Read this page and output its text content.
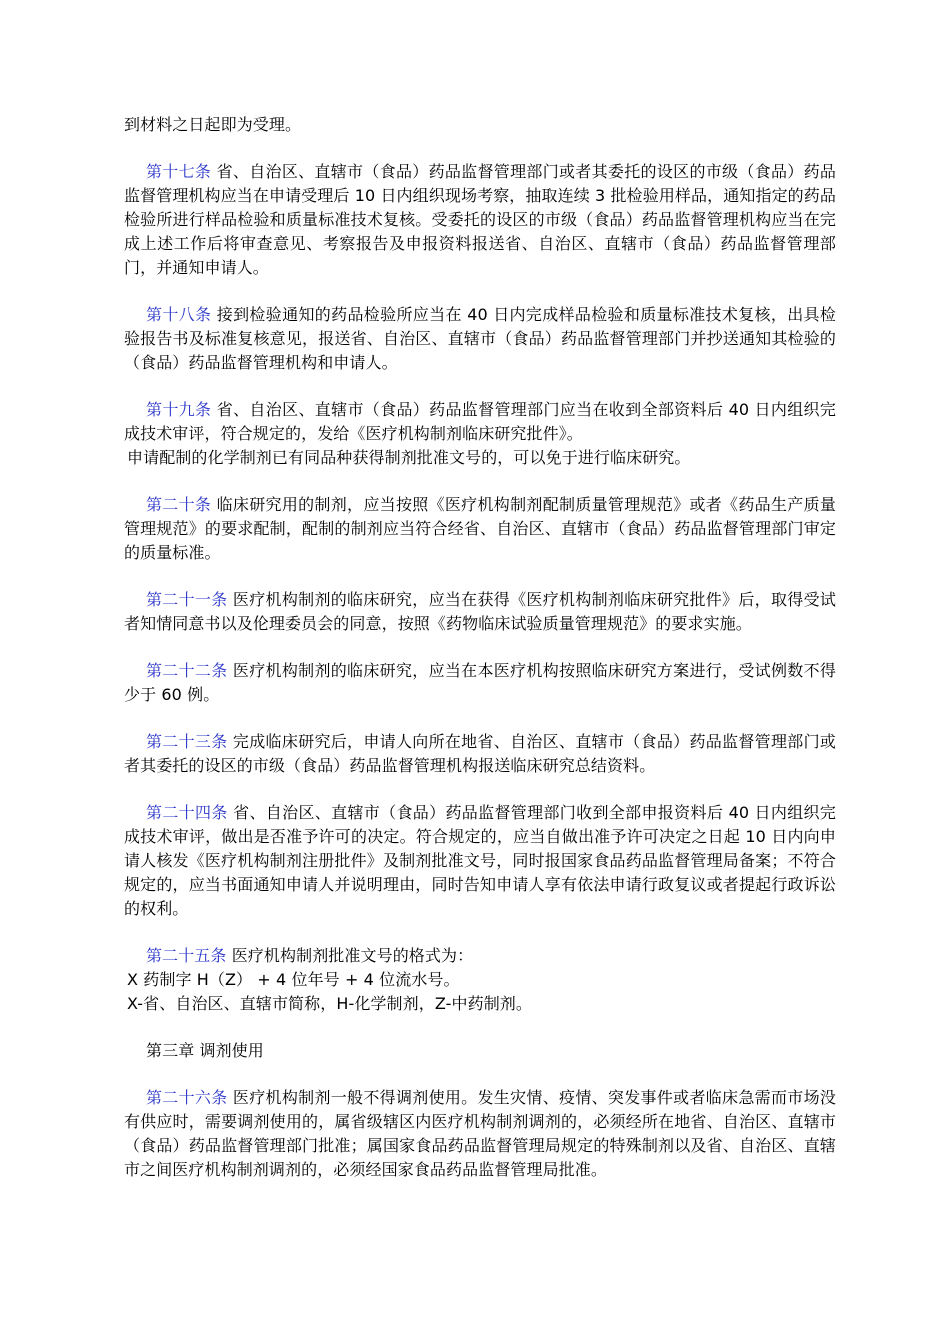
到材料之日起即为受理。

第十七条 省、自治区、直辖市（食品）药品监督管理部门或者其委托的设区的市级（食品）药品监督管理机构应当在申请受理后 10 日内组织现场考察，抽取连续 3 批检验用样品，通知指定的药品检验所进行样品检验和质量标准技术复核。受委托的设区的市级（食品）药品监督管理机构应当在完成上述工作后将审查意见、考察报告及申报资料报送省、自治区、直辖市（食品）药品监督管理部门，并通知申请人。

第十八条 接到检验通知的药品检验所应当在 40 日内完成样品检验和质量标准技术复核，出具检验报告书及标准复核意见，报送省、自治区、直辖市（食品）药品监督管理部门并抄送通知其检验的（食品）药品监督管理机构和申请人。

第十九条 省、自治区、直辖市（食品）药品监督管理部门应当在收到全部资料后 40 日内组织完成技术审评，符合规定的，发给《医疗机构制剂临床研究批件》。

申请配制的化学制剂已有同品种获得制剂批准文号的，可以免于进行临床研究。

第二十条 临床研究用的制剂，应当按照《医疗机构制剂配制质量管理规范》或者《药品生产质量管理规范》的要求配制，配制的制剂应当符合经省、自治区、直辖市（食品）药品监督管理部门审定的质量标准。

第二十一条 医疗机构制剂的临床研究，应当在获得《医疗机构制剂临床研究批件》后，取得受试者知情同意书以及伦理委员会的同意，按照《药物临床试验质量管理规范》的要求实施。

第二十二条 医疗机构制剂的临床研究，应当在本医疗机构按照临床研究方案进行，受试例数不得少于 60 例。

第二十三条 完成临床研究后，申请人向所在地省、自治区、直辖市（食品）药品监督管理部门或者其委托的设区的市级（食品）药品监督管理机构报送临床研究总结资料。

第二十四条 省、自治区、直辖市（食品）药品监督管理部门收到全部申报资料后 40 日内组织完成技术审评，做出是否准予许可的决定。符合规定的，应当自做出准予许可决定之日起 10 日内向申请人核发《医疗机构制剂注册批件》及制剂批准文号，同时报国家食品药品监督管理局备案；不符合规定的，应当书面通知申请人并说明理由，同时告知申请人享有依法申请行政复议或者提起行政诉讼的权利。

第二十五条 医疗机构制剂批准文号的格式为：

X 药制字 H（Z） + 4 位年号 + 4 位流水号。

X-省、自治区、直辖市简称，H-化学制剂，Z-中药制剂。

第三章 调剂使用

第二十六条 医疗机构制剂一般不得调剂使用。发生灾情、疫情、突发事件或者临床急需而市场没有供应时，需要调剂使用的，属省级辖区内医疗机构制剂调剂的，必须经所在地省、自治区、直辖市（食品）药品监督管理部门批准；属国家食品药品监督管理局规定的特殊制剂以及省、自治区、直辖市之间医疗机构制剂调剂的，必须经国家食品药品监督管理局批准。
